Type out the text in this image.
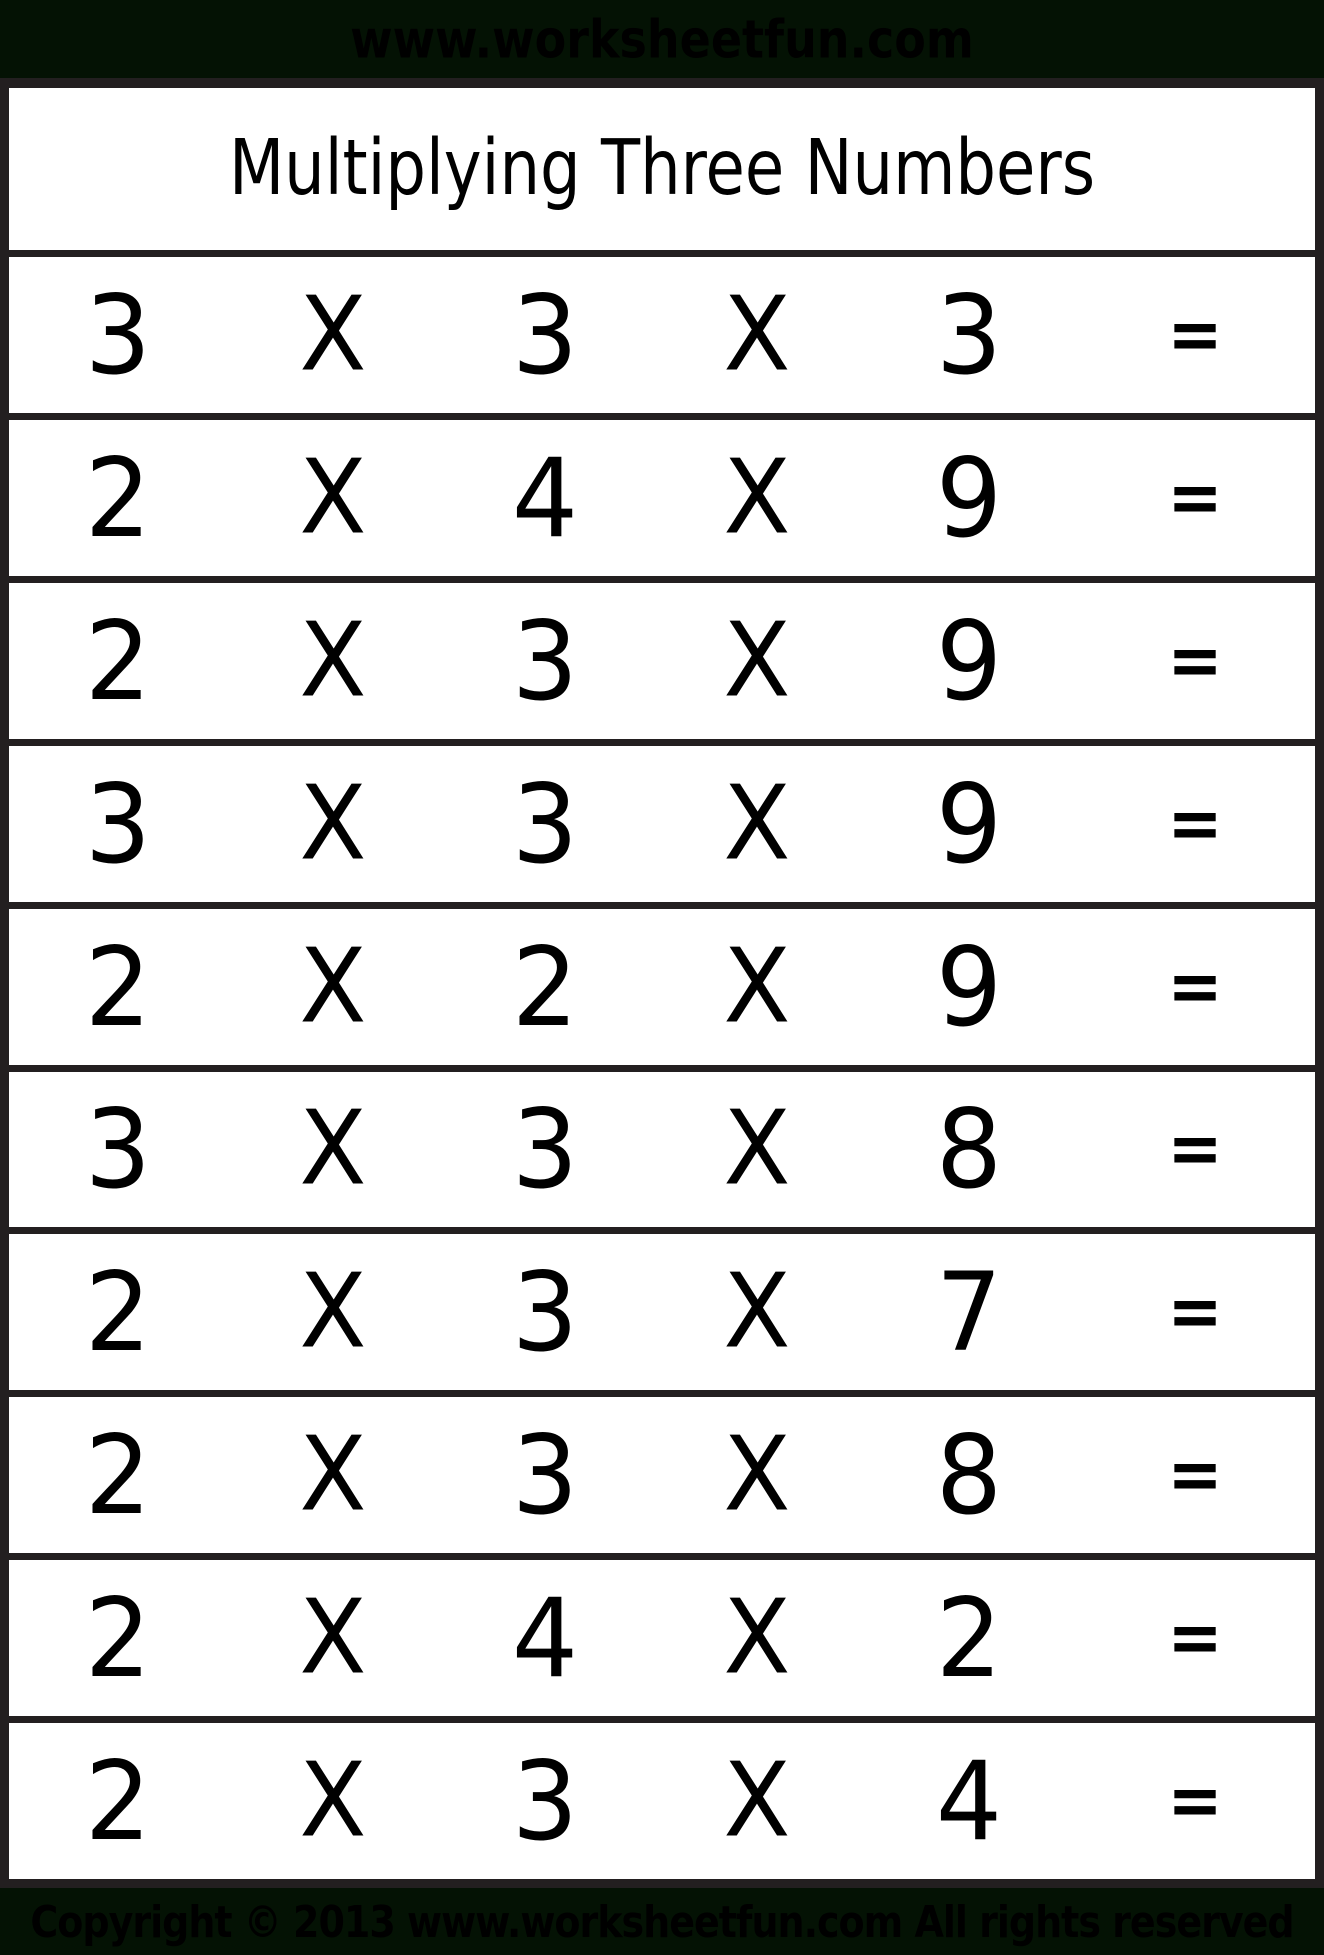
www.worksheetfun.com
Multiplying Three Numbers
3	X	3	X	3	=
2	X	4	X	9	=
2	X	3	X	9	=
3	X	3	X	9	=
2	X	2	X	9	=
3	X	3	X	8	=
2	X	3	X	7	=
2	X	3	X	8	=
2	X	4	X	2	=
2	X	3	X	4	=
Copyright © 2013 www.worksheetfun.com All rights reserved
